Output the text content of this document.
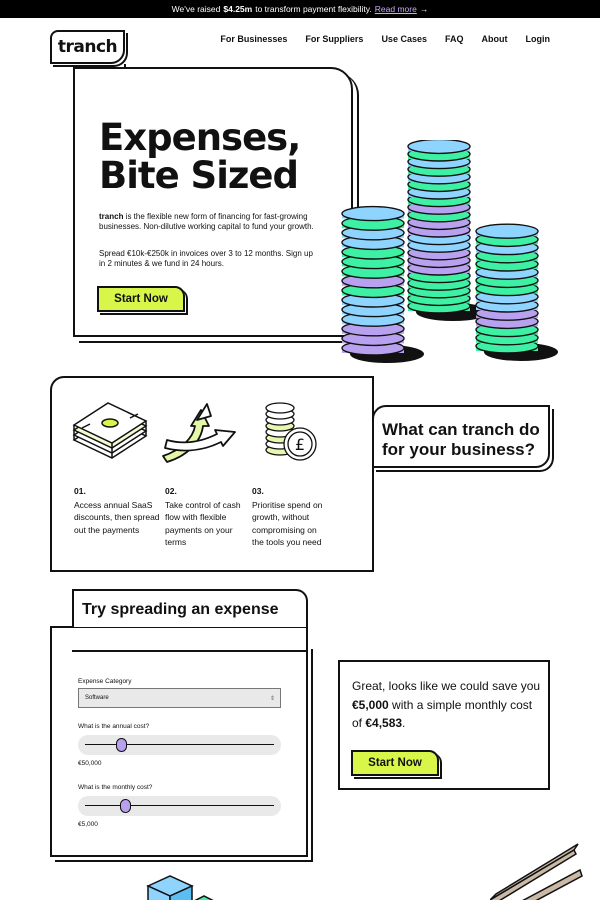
We've raised $4.25m to transform payment flexibility. Read more →
tranch	For Businesses For Suppliers Use Cases FAQ About Login
Expenses,
Bite Sized

tranch is the flexible new form of financing for fast-growing businesses. Non-dilutive working capital to fund your growth.

Spread €10k-€250k in invoices over 3 to 12 months. Sign up in 2 minutes & we fund in 24 hours.

Start Now
£
01.
Access annual SaaS discounts, then spread out the payments
02.
Take control of cash flow with flexible payments on your terms
03.
Prioritise spend on growth, without compromising on the tools you need
What can tranch do for your business?
Try spreading an expense
Expense Category
Software	⇕
What is the annual cost?
€50,000
What is the monthly cost?
€5,000

Great, looks like we could save you €5,000 with a simple monthly cost of €4,583.

Start Now
